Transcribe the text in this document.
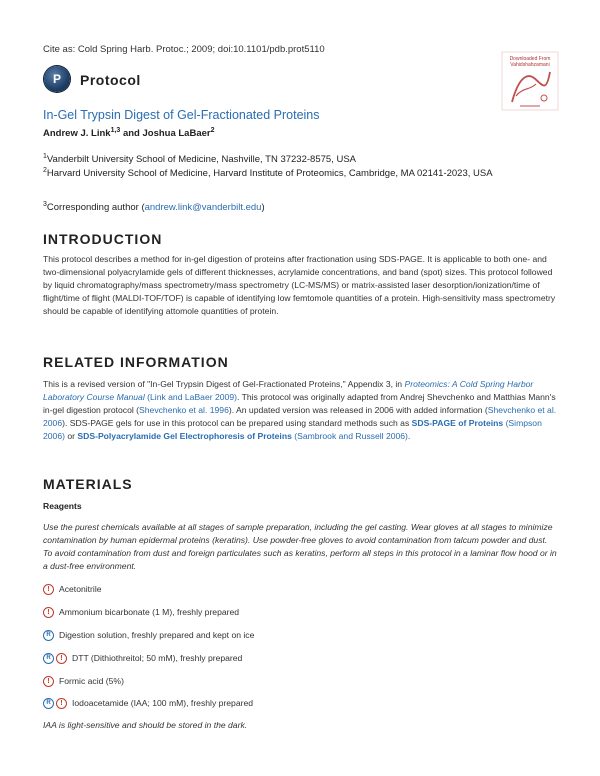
Cite as: Cold Spring Harb. Protoc.; 2009; doi:10.1101/pdb.prot5110
P Protocol
Downloaded From
Vahidshahzamani
In-Gel Trypsin Digest of Gel-Fractionated Proteins
Andrew J. Link$^{1,3}$ and Joshua LaBaer$^2$
$^1$Vanderbilt University School of Medicine, Nashville, TN 37232-8575, USA
$^2$Harvard University School of Medicine, Harvard Institute of Proteomics, Cambridge, MA 02141-2023, USA
$^3$Corresponding author (andrew.link@vanderbilt.edu)
INTRODUCTION
This protocol describes a method for in-gel digestion of proteins after fractionation using SDS-PAGE. It is applicable to both one- and two-dimensional polyacrylamide gels of different thicknesses, acrylamide concentrations, and band (spot) sizes. This protocol followed by liquid chromatography/mass spectrometry/mass spectrometry (LC-MS/MS) or matrix-assisted laser desorption/ionization/time of flight/time of flight (MALDI-TOF/TOF) is capable of identifying low femtomole quantities of a protein. High-sensitivity mass spectrometry should be capable of identifying attomole quantities of protein.
RELATED INFORMATION
This is a revised version of "In-Gel Trypsin Digest of Gel-Fractionated Proteins," Appendix 3, in Proteomics: A Cold Spring Harbor Laboratory Course Manual (Link and LaBaer 2009). This protocol was originally adapted from Andrej Shevchenko and Matthias Mann's in-gel digestion protocol (Shevchenko et al. 1996). An updated version was released in 2006 with added information (Shevchenko et al. 2006). SDS-PAGE gels for use in this protocol can be prepared using standard methods such as SDS-PAGE of Proteins (Simpson 2006) or SDS-Polyacrylamide Gel Electrophoresis of Proteins (Sambrook and Russell 2006).
MATERIALS
Reagents
Use the purest chemicals available at all stages of sample preparation, including the gel casting. Wear gloves at all stages to minimize contamination by human epidermal proteins (keratins). Use powder-free gloves to avoid contamination from talcum powder and dust. To avoid contamination from dust and foreign particulates such as keratins, perform all steps in this protocol in a laminar flow hood or in a dust-free environment.
!	Acetonitrile
!	Ammonium bicarbonate (1 M), freshly prepared
R Digestion solution, freshly prepared and kept on ice
R	!	DTT (Dithiothreitol; 50 mM), freshly prepared
!	Formic acid (5%)
R	!	Iodoacetamide (IAA; 100 mM), freshly prepared
IAA is light-sensitive and should be stored in the dark.
